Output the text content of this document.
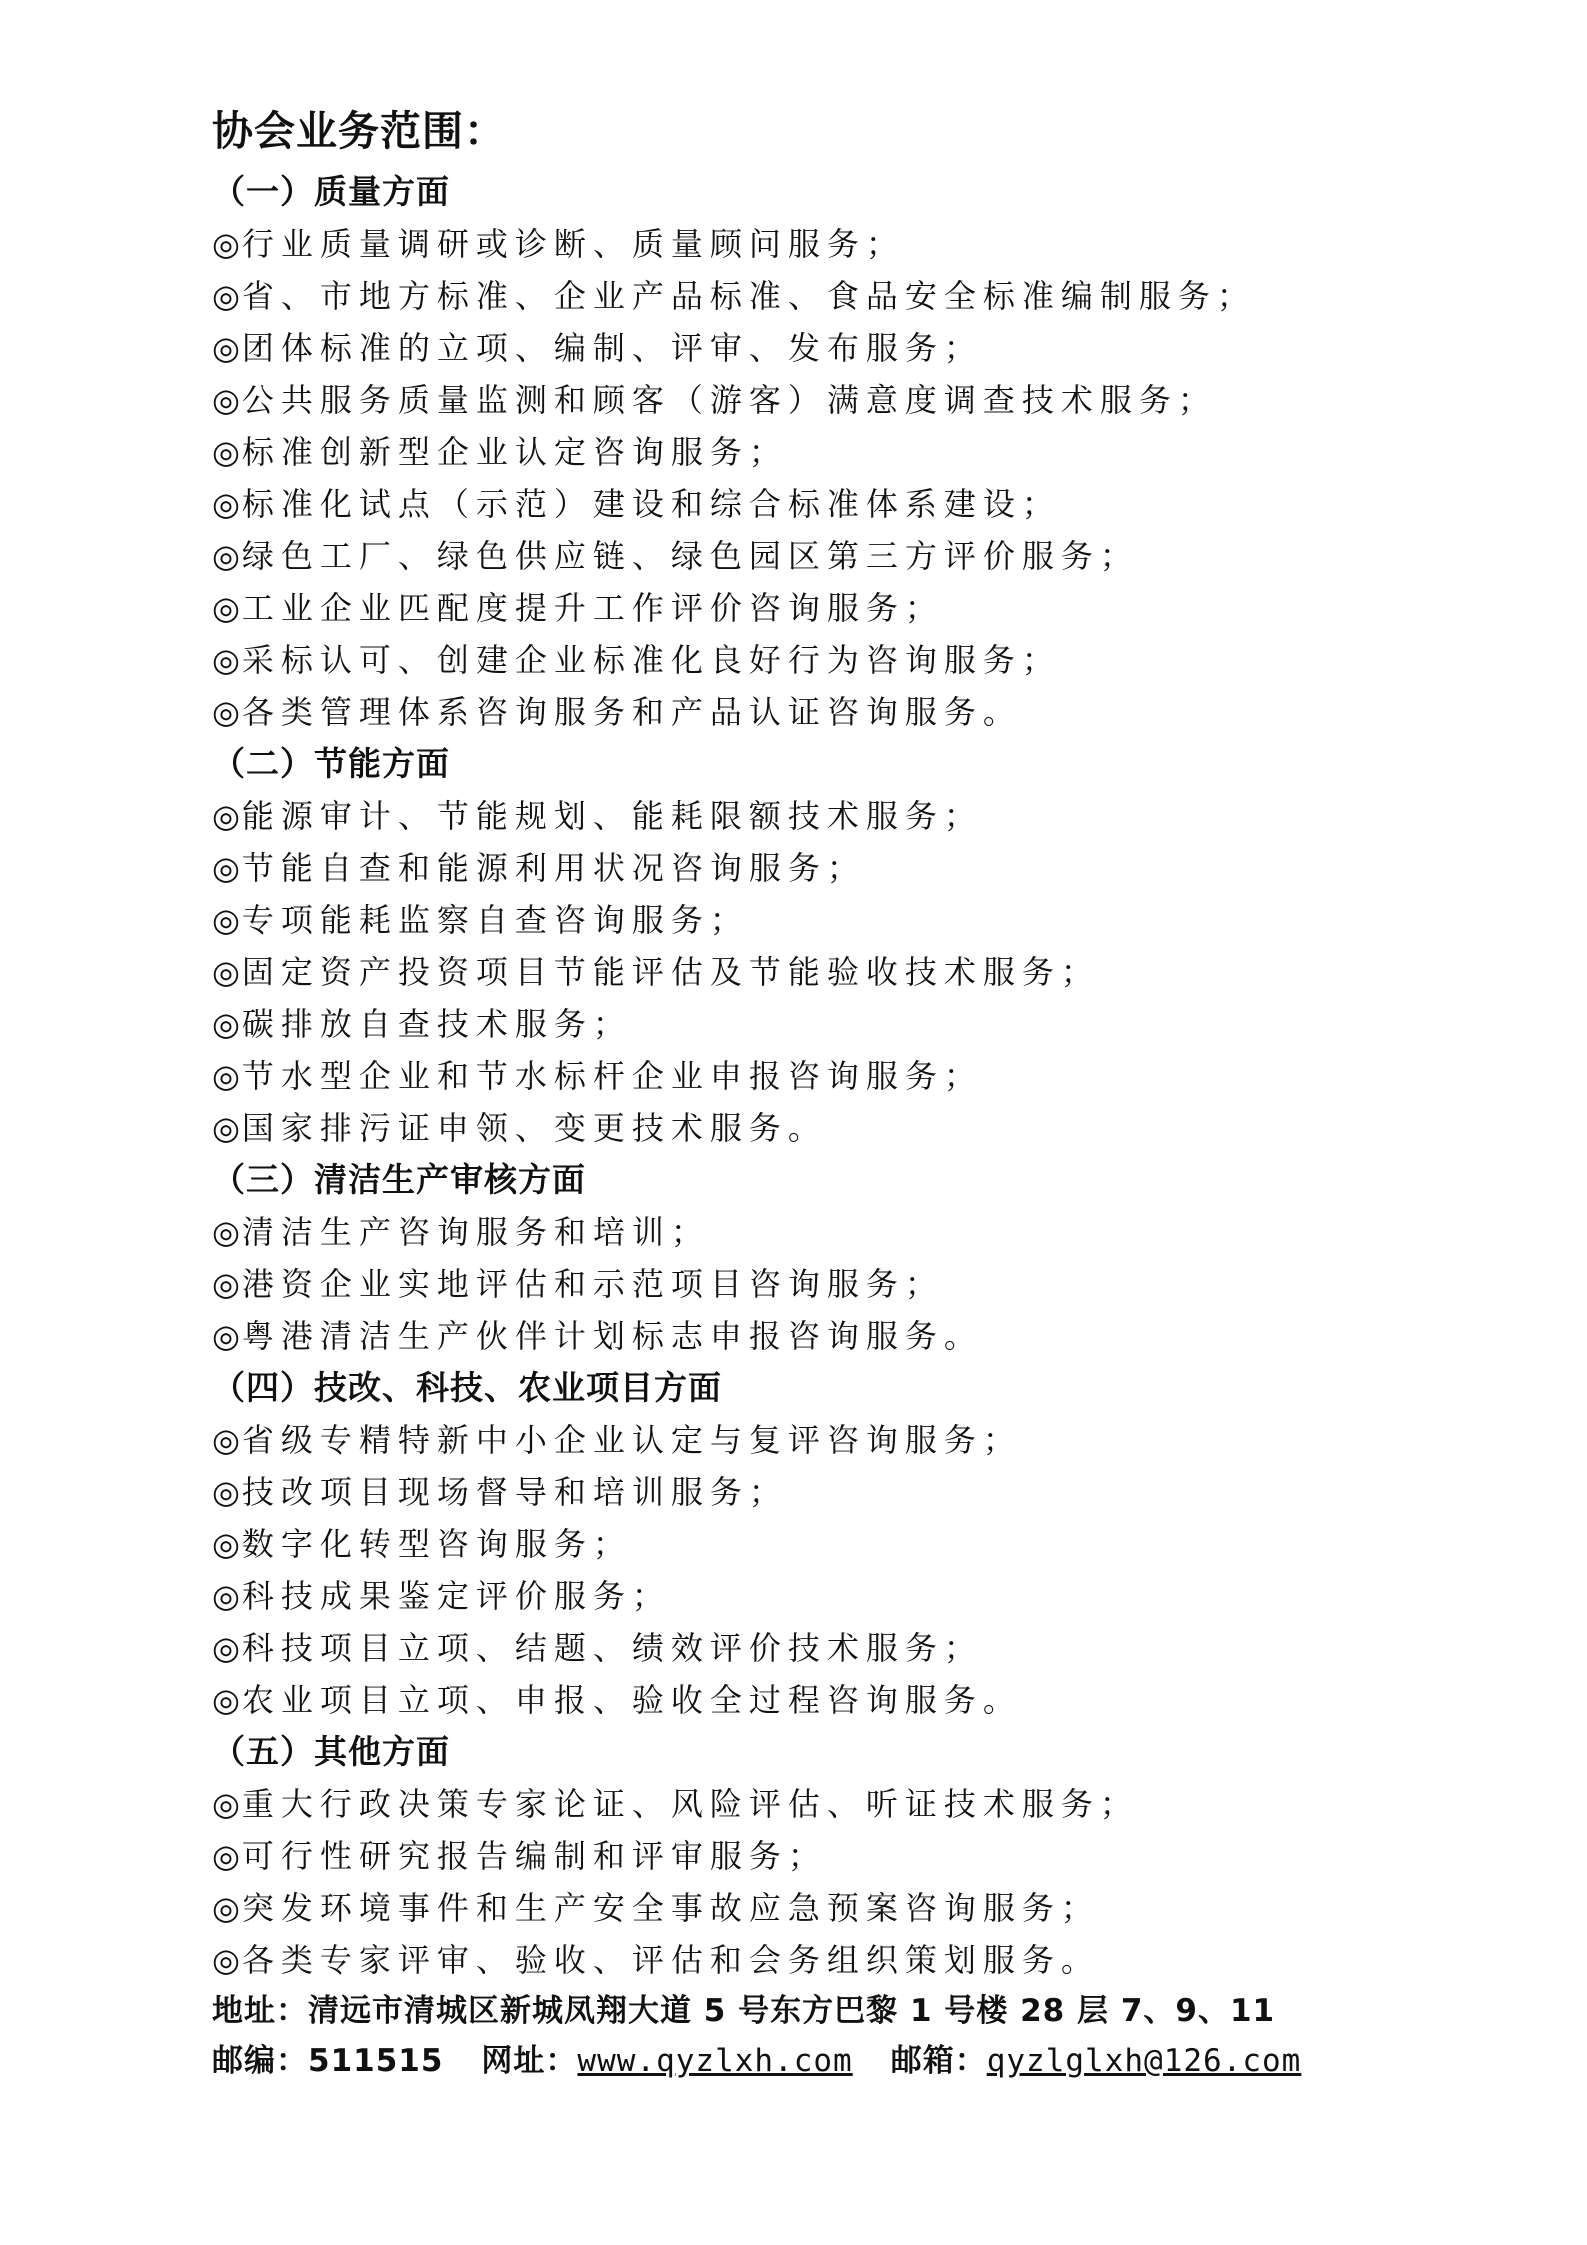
协会业务范围：
（一）质量方面
◎行业质量调研或诊断、质量顾问服务；
◎省、市地方标准、企业产品标准、食品安全标准编制服务；
◎团体标准的立项、编制、评审、发布服务；
◎公共服务质量监测和顾客（游客）满意度调查技术服务；
◎标准创新型企业认定咨询服务；
◎标准化试点（示范）建设和综合标准体系建设；
◎绿色工厂、绿色供应链、绿色园区第三方评价服务；
◎工业企业匹配度提升工作评价咨询服务；
◎采标认可、创建企业标准化良好行为咨询服务；
◎各类管理体系咨询服务和产品认证咨询服务。
（二）节能方面
◎能源审计、节能规划、能耗限额技术服务；
◎节能自查和能源利用状况咨询服务；
◎专项能耗监察自查咨询服务；
◎固定资产投资项目节能评估及节能验收技术服务；
◎碳排放自查技术服务；
◎节水型企业和节水标杆企业申报咨询服务；
◎国家排污证申领、变更技术服务。
（三）清洁生产审核方面
◎清洁生产咨询服务和培训；
◎港资企业实地评估和示范项目咨询服务；
◎粤港清洁生产伙伴计划标志申报咨询服务。
（四）技改、科技、农业项目方面
◎省级专精特新中小企业认定与复评咨询服务；
◎技改项目现场督导和培训服务；
◎数字化转型咨询服务；
◎科技成果鉴定评价服务；
◎科技项目立项、结题、绩效评价技术服务；
◎农业项目立项、申报、验收全过程咨询服务。
（五）其他方面
◎重大行政决策专家论证、风险评估、听证技术服务；
◎可行性研究报告编制和评审服务；
◎突发环境事件和生产安全事故应急预案咨询服务；
◎各类专家评审、验收、评估和会务组织策划服务。
地址：清远市清城区新城凤翔大道 5 号东方巴黎 1 号楼 28 层 7、9、11
邮编：511515 网址：www.qyzlxh.com 邮箱：qyzlglxh@126.com
